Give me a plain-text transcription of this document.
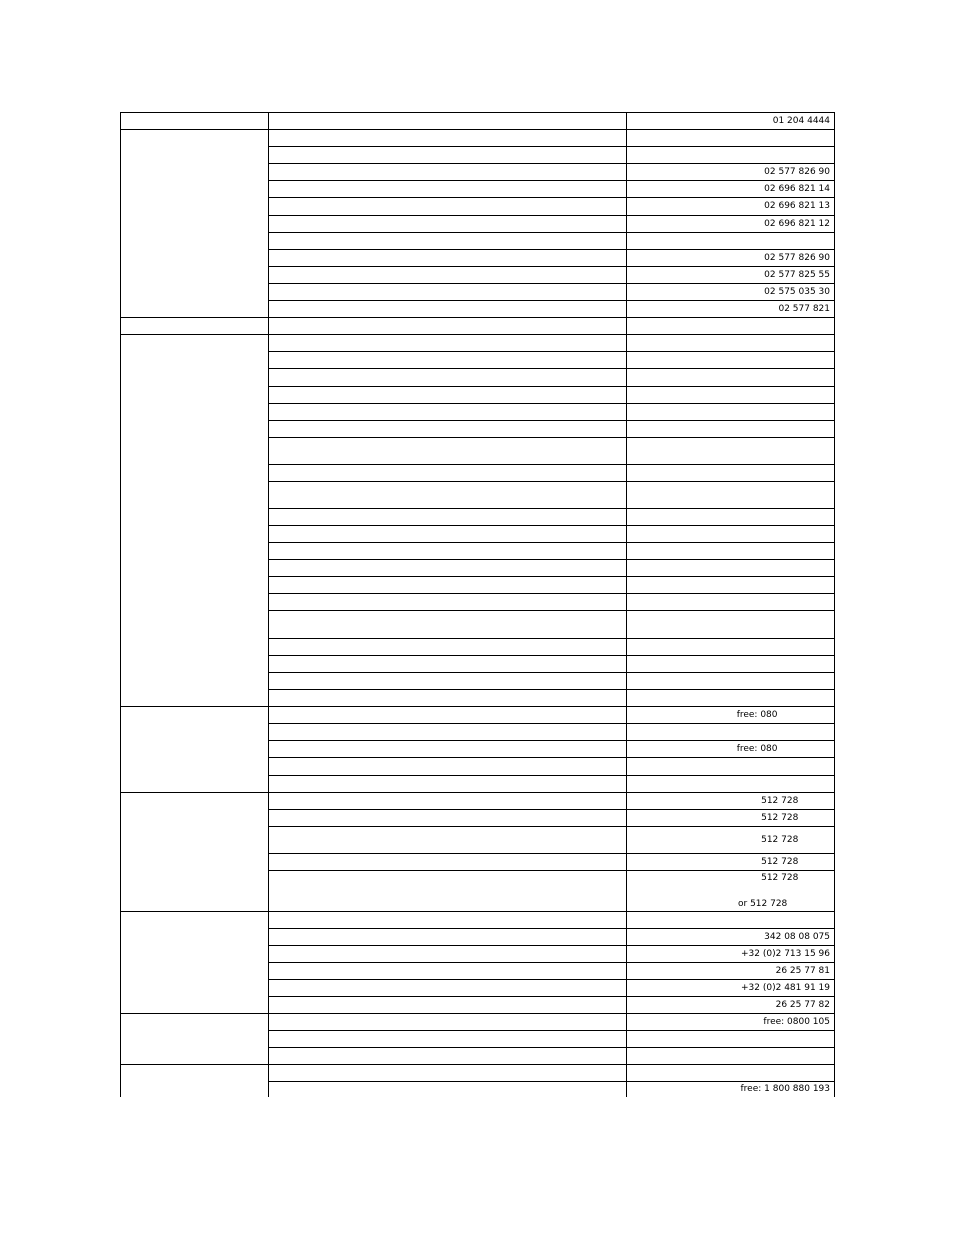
01 204 4444
02 577 826 90
02 696 821 14
02 696 821 13
02 696 821 12
02 577 826 90
02 577 825 55
02 575 035 30
02 577 821
free: 080
free: 080
512 728
512 728
512 728
512 728
512 728
or 512 728
342 08 08 075
+32 (0)2 713 15 96
26 25 77 81
+32 (0)2 481 91 19
26 25 77 82
free: 0800 105
free: 1 800 880 193
